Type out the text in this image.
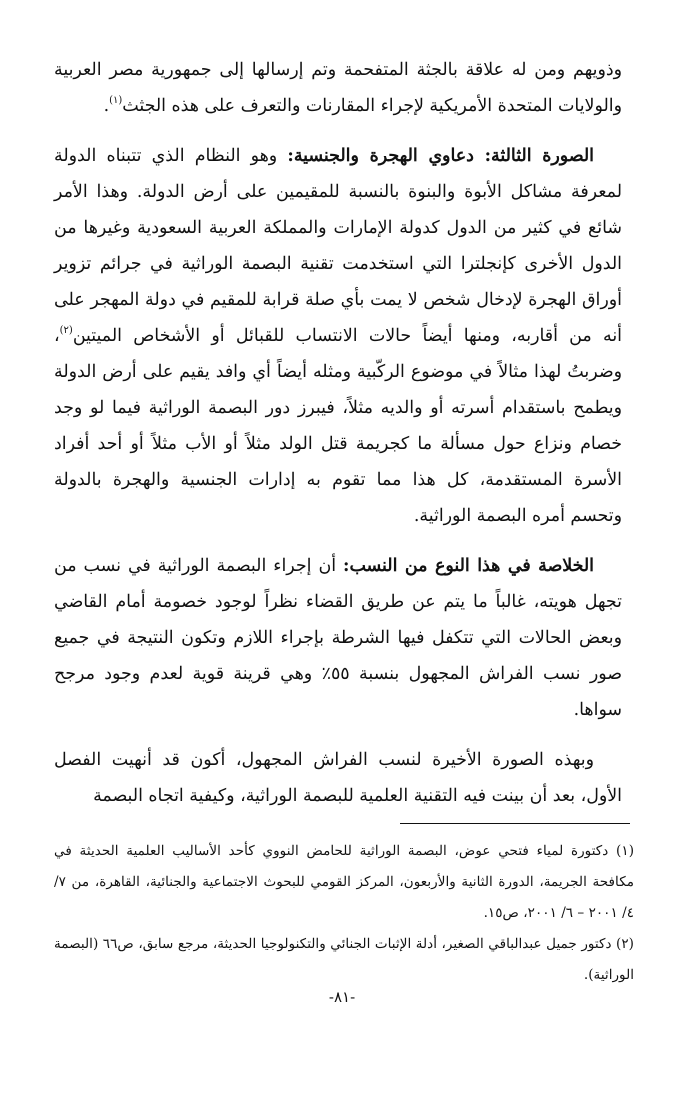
وذويهم ومن له علاقة بالجثة المتفحمة وتم إرسالها إلى جمهورية مصر العربية والولايات المتحدة الأمريكية لإجراء المقارنات والتعرف على هذه الجثث$^{(١)}$.

الصورة الثالثة: دعاوي الهجرة والجنسية: وهو النظام الذي تتبناه الدولة لمعرفة مشاكل الأبوة والبنوة بالنسبة للمقيمين على أرض الدولة. وهذا الأمر شائع في كثير من الدول كدولة الإمارات والمملكة العربية السعودية وغيرها من الدول الأخرى كإنجلترا التي استخدمت تقنية البصمة الوراثية في جرائم تزوير أوراق الهجرة لإدخال شخص لا يمت بأي صلة قرابة للمقيم في دولة المهجر على أنه من أقاربه، ومنها أيضاً حالات الانتساب للقبائل أو الأشخاص الميتين$^{(٢)}$، وضربتُ لهذا مثالاً في موضوع الركّبية ومثله أيضاً أي وافد يقيم على أرض الدولة ويطمح باستقدام أسرته أو والديه مثلاً، فيبرز دور البصمة الوراثية فيما لو وجد خصام ونزاع حول مسألة ما كجريمة قتل الولد مثلاً أو الأب مثلاً أو أحد أفراد الأسرة المستقدمة، كل هذا مما تقوم به إدارات الجنسية والهجرة بالدولة وتحسم أمره البصمة الوراثية.

الخلاصة في هذا النوع من النسب: أن إجراء البصمة الوراثية في نسب من تجهل هويته، غالباً ما يتم عن طريق القضاء نظراً لوجود خصومة أمام القاضي وبعض الحالات التي تتكفل فيها الشرطة بإجراء اللازم وتكون النتيجة في جميع صور نسب الفراش المجهول بنسبة ٥٥٪ وهي قرينة قوية لعدم وجود مرجح سواها.

وبهذه الصورة الأخيرة لنسب الفراش المجهول، أكون قد أنهيت الفصل الأول، بعد أن بينت فيه التقنية العلمية للبصمة الوراثية، وكيفية اتجاه البصمة

(١) دكتورة لمياء فتحي عوض، البصمة الوراثية للحامض النووي كأحد الأساليب العلمية الحديثة في مكافحة الجريمة، الدورة الثانية والأربعون، المركز القومي للبحوث الاجتماعية والجنائية، القاهرة، من ٧/ ٤/ ٢٠٠١ – ٦/ ٢٠٠١، ص١٥.

(٢) دكتور جميل عبدالباقي الصغير، أدلة الإثبات الجنائي والتكنولوجيا الحديثة، مرجع سابق، ص٦٦ (البصمة الوراثية).

-٨١-
